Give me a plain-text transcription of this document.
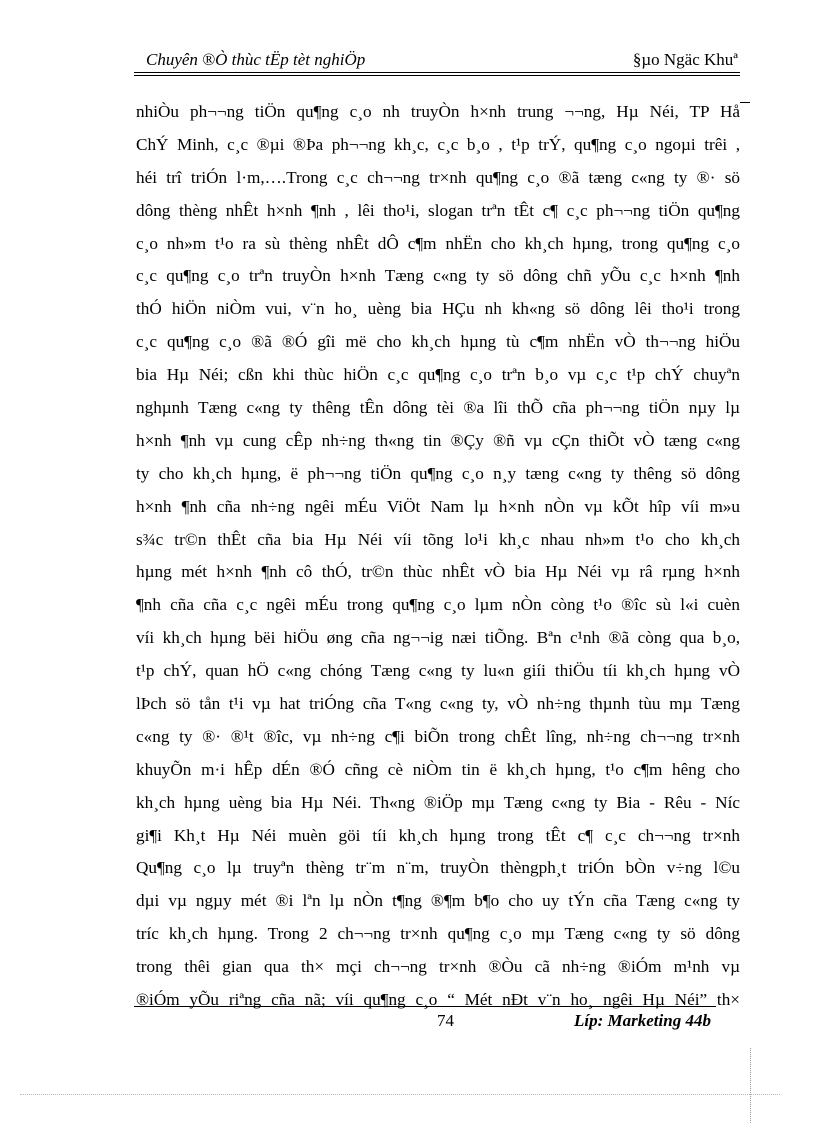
Chuyên ®Ò thùc tËp tèt nghiÖp	§µo Ngäc Khuª
nhiÒu ph¬¬ng tiÖn qu¶ng c¸o nh truyÒn h×nh trung ¬¬ng, Hµ Néi, TP Hå
ChÝ Minh, c¸c ®µi ®Þa ph¬¬ng kh¸c, c¸c b¸o , t¹p trÝ, qu¶ng c¸o ngoµi trêi ,
héi trî triÓn l·m,….Trong c¸c ch¬¬ng tr×nh qu¶ng c¸o ®ã tæng c«ng ty ®· sö
dông thèng nhÊt h×nh ¶nh , lêi tho¹i, slogan trªn tÊt c¶ c¸c ph¬¬ng tiÖn qu¶ng
c¸o nh»m t¹o ra sù thèng nhÊt dÔ c¶m nhËn cho kh¸ch hµng, trong qu¶ng c¸o
c¸c qu¶ng c¸o trªn truyÒn h×nh Tæng c«ng ty sö dông chñ yÕu c¸c h×nh ¶nh
thÓ hiÖn niÒm vui, v¨n ho¸ uèng bia HÇu nh kh«ng sö dông lêi tho¹i trong
c¸c qu¶ng c¸o ®ã ®Ó gîi më cho kh¸ch hµng tù c¶m nhËn vÒ th¬¬ng hiÖu
bia Hµ Néi; cßn khi thùc hiÖn c¸c qu¶ng c¸o trªn b¸o vµ c¸c t¹p chÝ chuyªn
nghµnh Tæng c«ng ty thêng tÊn dông tèi ®a lîi thÕ cña ph¬¬ng tiÖn nµy lµ
h×nh ¶nh vµ cung cÊp nh÷ng th«ng tin ®Çy ®ñ vµ cÇn thiÕt vÒ tæng c«ng
ty cho kh¸ch hµng, ë ph¬¬ng tiÖn qu¶ng c¸o n¸y tæng c«ng ty thêng sö dông
h×nh ¶nh cña nh÷ng ngêi mÉu ViÖt Nam lµ h×nh nÒn vµ kÕt hîp víi m»u
s¾c tr©n thÊt cña bia Hµ Néi víi tõng lo¹i kh¸c nhau nh»m t¹o cho kh¸ch
hµng mét h×nh ¶nh cô thÓ, tr©n thùc nhÊt vÒ bia Hµ Néi vµ râ rµng h×nh
¶nh cña cña c¸c ngêi mÉu trong qu¶ng c¸o lµm nÒn còng t¹o ®îc sù l«i cuèn
víi kh¸ch hµng bëi hiÖu øng cña ng¬¬ig næi tiÕng. Bªn c¹nh ®ã còng qua b¸o,
t¹p chÝ, quan hÖ c«ng chóng Tæng c«ng ty lu«n giíi thiÖu tíi kh¸ch hµng vÒ
lÞch sö tån t¹i vµ hat triÓng cña T«ng c«ng ty, vÒ nh÷ng thµnh tùu mµ Tæng
c«ng ty ®· ®¹t ®îc, vµ nh÷ng c¶i biÕn trong chÊt lîng, nh÷ng ch¬¬ng tr×nh
khuyÕn m·i hÊp dÉn ®Ó cñng cè niÒm tin ë kh¸ch hµng, t¹o c¶m hêng cho
kh¸ch hµng uèng bia Hµ Néi. Th«ng ®iÖp mµ Tæng c«ng ty Bia - Rêu - Níc
gi¶i Kh¸t Hµ Néi muèn göi tíi kh¸ch hµng trong tÊt c¶ c¸c ch¬¬ng tr×nh
Qu¶ng c¸o lµ truyªn thèng tr¨m n¨m, truyÒn thèngph¸t triÓn bÒn v÷ng l©u
dµi vµ ngµy mét ®i lªn lµ nÒn t¶ng ®¶m b¶o cho uy tÝn cña Tæng c«ng ty
tríc kh¸ch hµng. Trong 2 ch¬¬ng tr×nh qu¶ng c¸o mµ Tæng c«ng ty sö dông
trong thêi gian qua th× mçi ch¬¬ng tr×nh ®Òu cã nh÷ng ®iÓm m¹nh vµ
®iÓm yÕu riªng cña nã; víi qu¶ng c¸o “ Mét nÐt v¨n ho¸ ngêi Hµ Néi” th×
74	Líp: Marketing 44b
